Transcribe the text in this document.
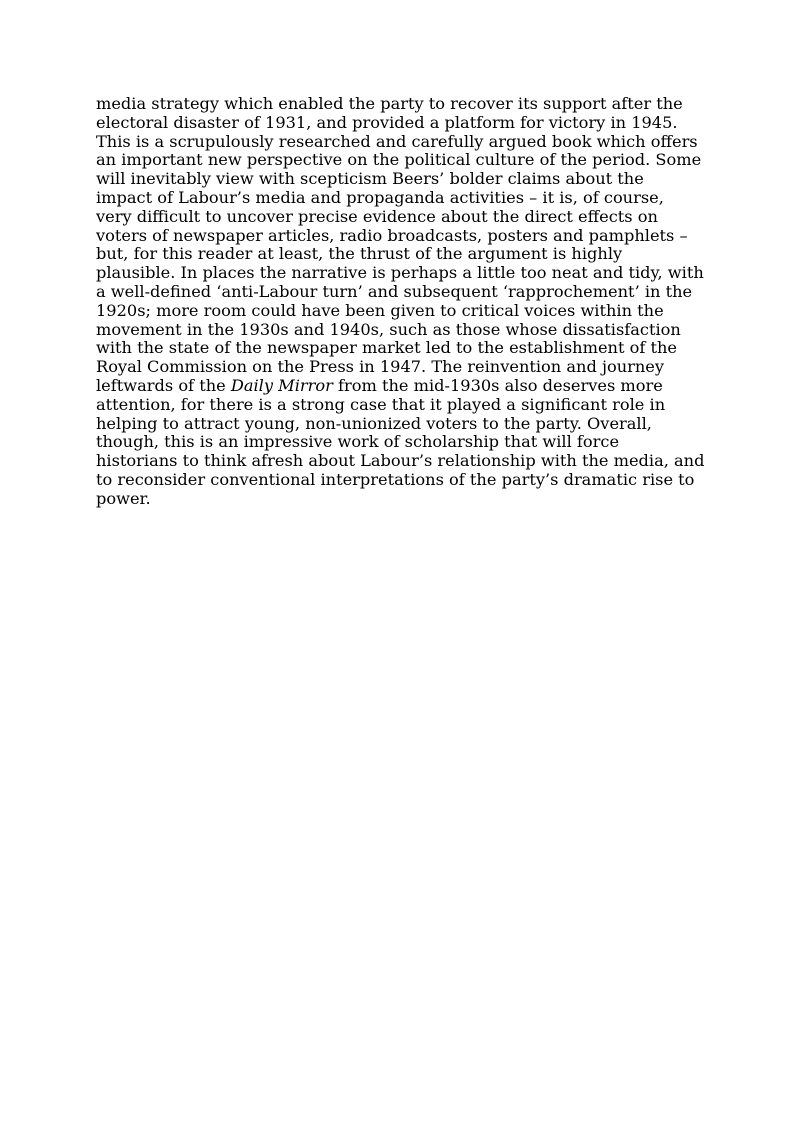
media strategy which enabled the party to recover its support after the
electoral disaster of 1931, and provided a platform for victory in 1945.
This is a scrupulously researched and carefully argued book which offers
an important new perspective on the political culture of the period. Some
will inevitably view with scepticism Beers’ bolder claims about the
impact of Labour’s media and propaganda activities – it is, of course,
very difficult to uncover precise evidence about the direct effects on
voters of newspaper articles, radio broadcasts, posters and pamphlets –
but, for this reader at least, the thrust of the argument is highly
plausible. In places the narrative is perhaps a little too neat and tidy, with
a well-defined ‘anti-Labour turn’ and subsequent ‘rapprochement’ in the
1920s; more room could have been given to critical voices within the
movement in the 1930s and 1940s, such as those whose dissatisfaction
with the state of the newspaper market led to the establishment of the
Royal Commission on the Press in 1947. The reinvention and journey
leftwards of the Daily Mirror from the mid-1930s also deserves more
attention, for there is a strong case that it played a significant role in
helping to attract young, non-unionized voters to the party. Overall,
though, this is an impressive work of scholarship that will force
historians to think afresh about Labour’s relationship with the media, and
to reconsider conventional interpretations of the party’s dramatic rise to
power.
